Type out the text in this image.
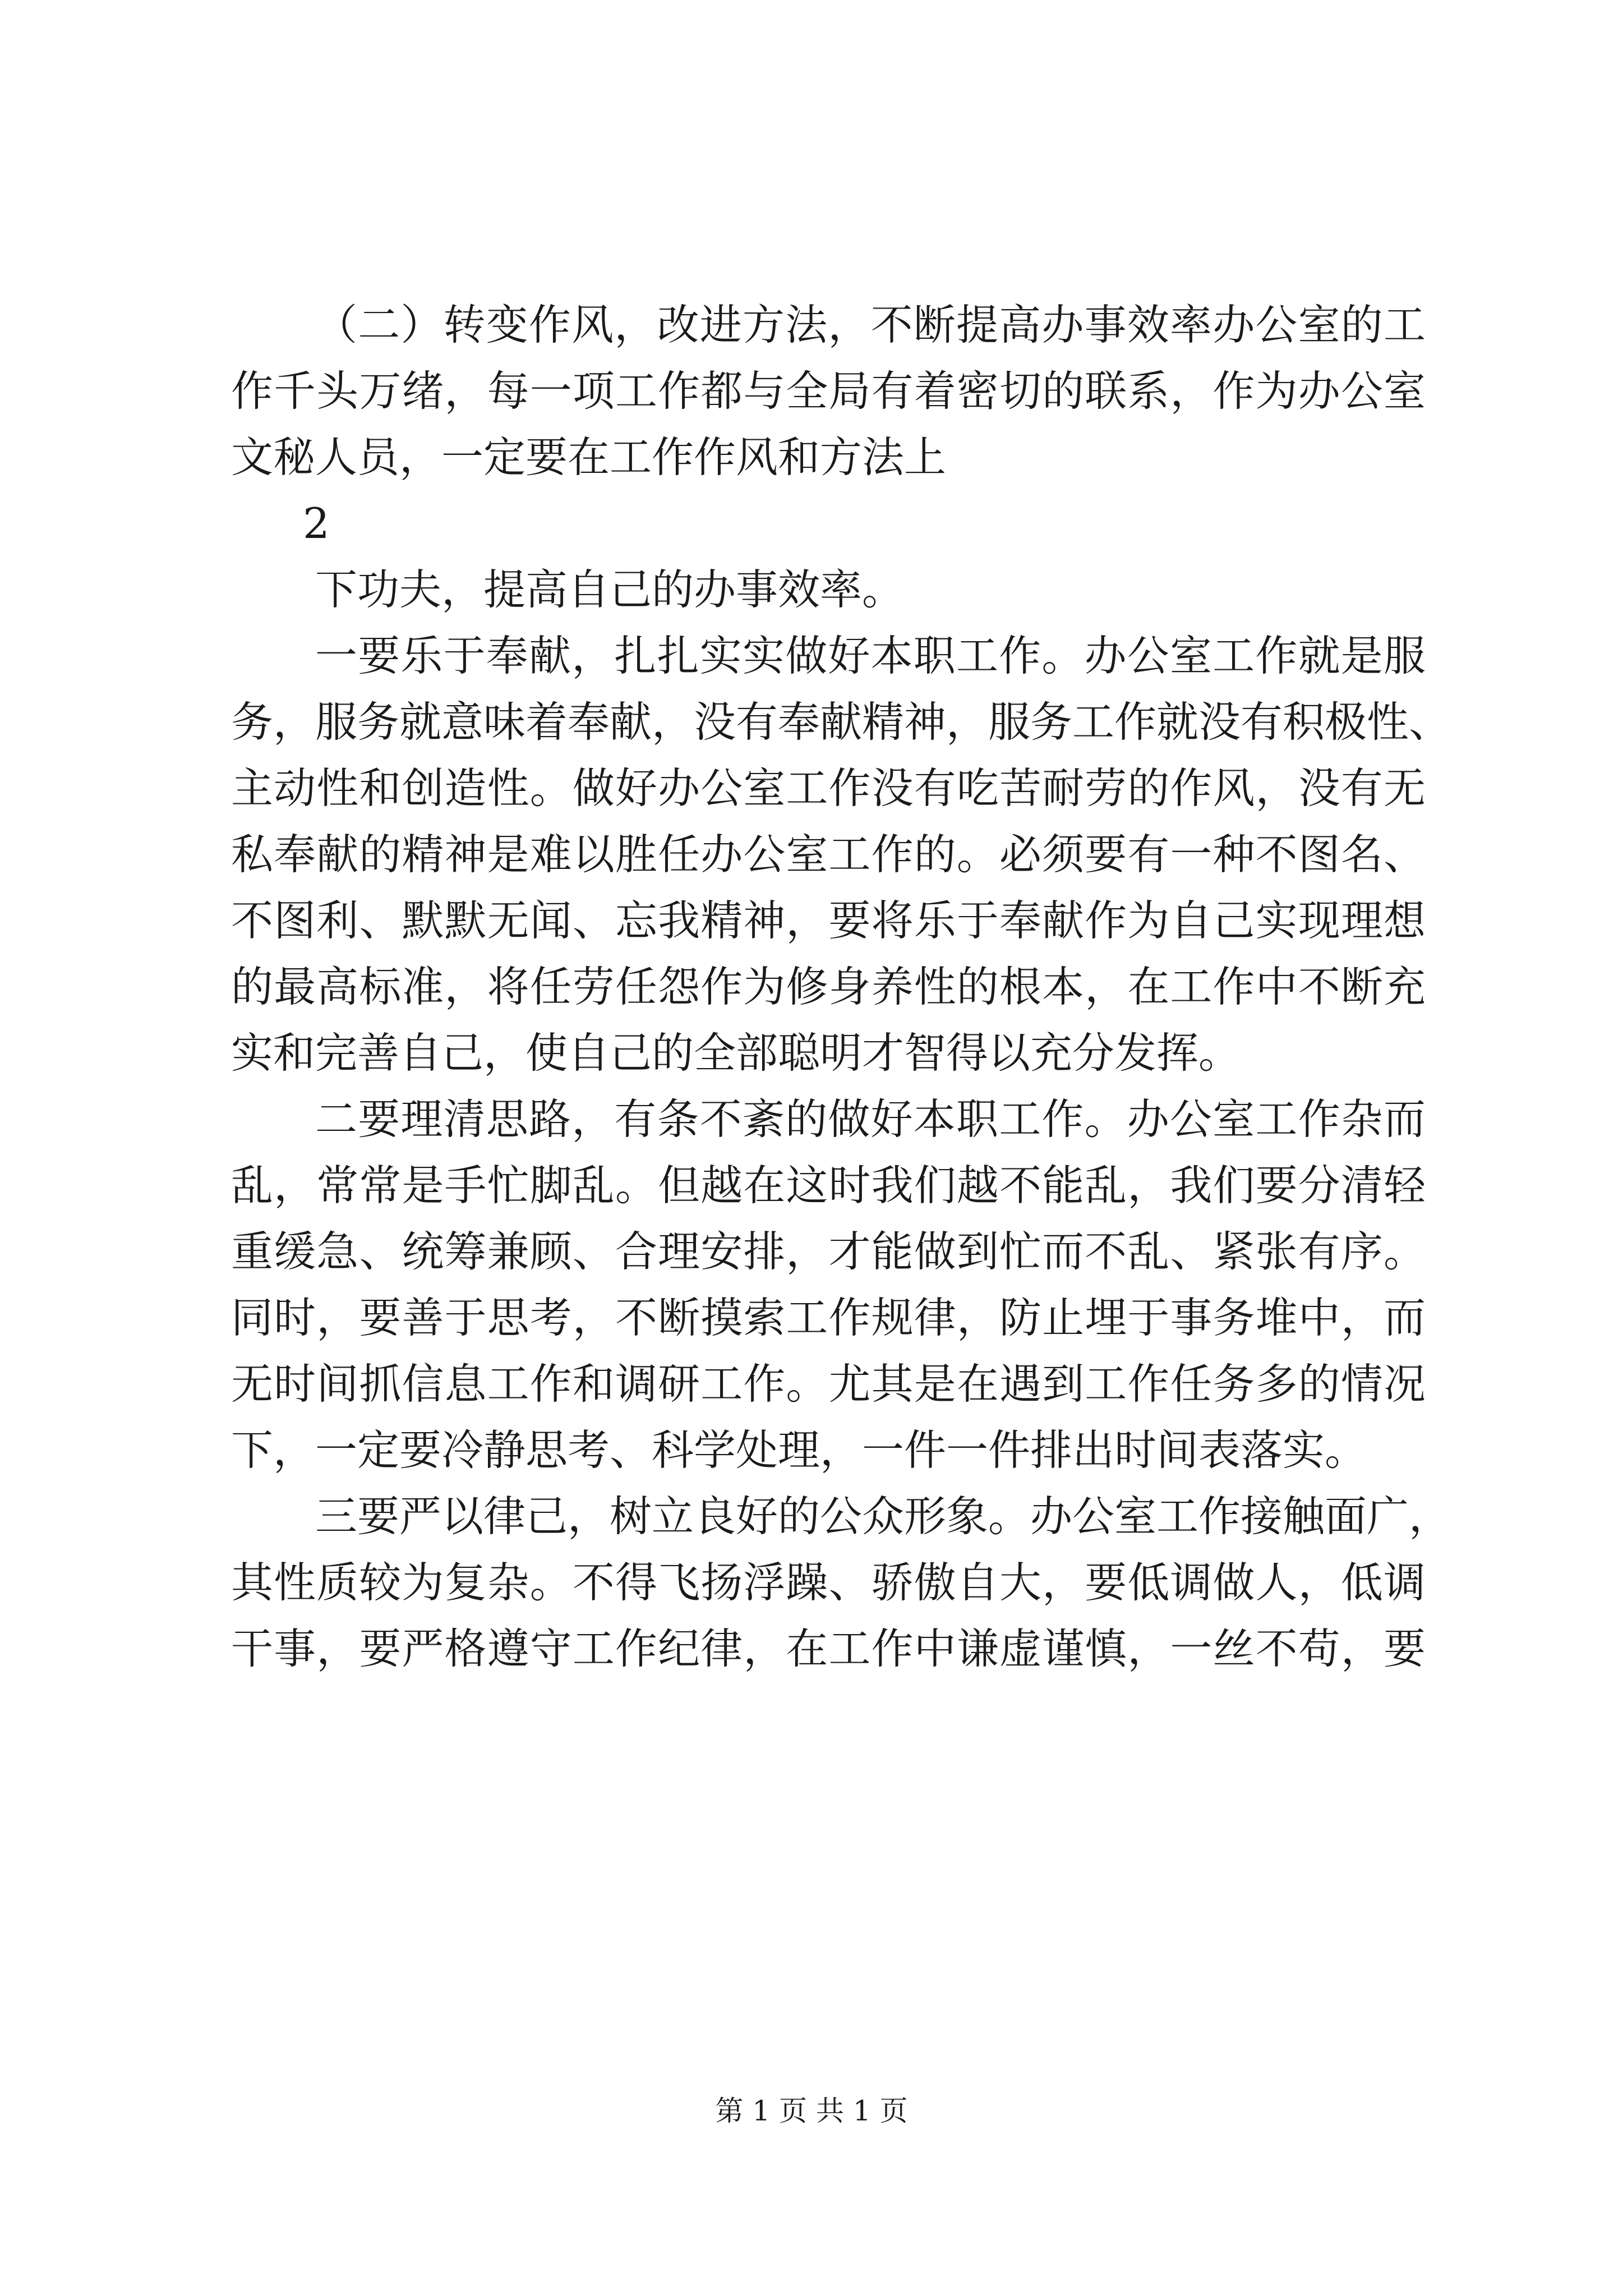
（二）转变作风，改进方法，不断提高办事效率办公室的工
作千头万绪，每一项工作都与全局有着密切的联系，作为办公室
文秘人员，一定要在工作作风和方法上
2
下功夫，提高自己的办事效率。
一要乐于奉献，扎扎实实做好本职工作。办公室工作就是服
务，服务就意味着奉献，没有奉献精神，服务工作就没有积极性、
主动性和创造性。做好办公室工作没有吃苦耐劳的作风，没有无
私奉献的精神是难以胜任办公室工作的。必须要有一种不图名、
不图利、默默无闻、忘我精神，要将乐于奉献作为自己实现理想
的最高标准，将任劳任怨作为修身养性的根本，在工作中不断充
实和完善自己，使自己的全部聪明才智得以充分发挥。
二要理清思路，有条不紊的做好本职工作。办公室工作杂而
乱，常常是手忙脚乱。但越在这时我们越不能乱，我们要分清轻
重缓急、统筹兼顾、合理安排，才能做到忙而不乱、紧张有序。
同时，要善于思考，不断摸索工作规律，防止埋于事务堆中，而
无时间抓信息工作和调研工作。尤其是在遇到工作任务多的情况
下，一定要冷静思考、科学处理，一件一件排出时间表落实。
三要严以律己，树立良好的公众形象。办公室工作接触面广，
其性质较为复杂。不得飞扬浮躁、骄傲自大，要低调做人，低调
干事，要严格遵守工作纪律，在工作中谦虚谨慎，一丝不苟，要
第 1 页 共 1 页
